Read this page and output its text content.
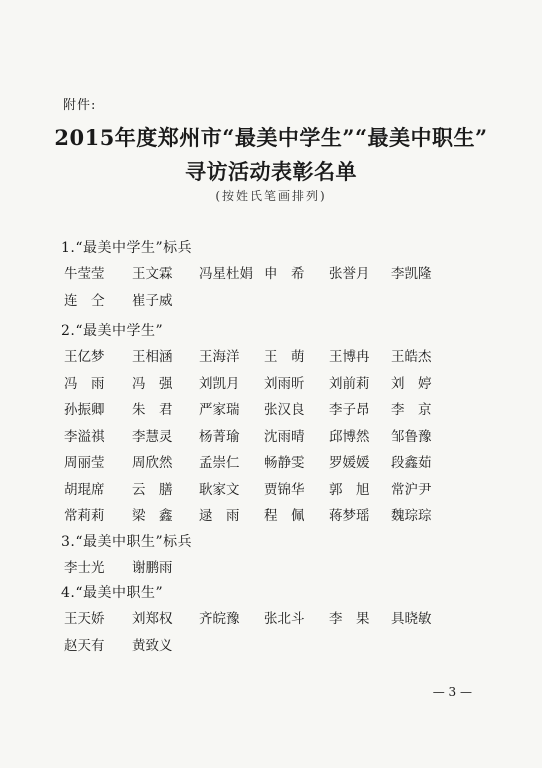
附件:
2015年度郑州市“最美中学生”“最美中职生”
寻访活动表彰名单
(按姓氏笔画排列)
1.“最美中学生”标兵
牛莹莹 王文霖 冯星杜娟 申　希 张誉月 李凯隆
连　仝 崔子威
2.“最美中学生”
王亿梦 王相涵 王海洋 王　萌 王博冉 王皓杰
冯　雨 冯　强 刘凯月 刘雨昕 刘前莉 刘　婷
孙振卿 朱　君 严家瑞 张汉良 李子昂 李　京
李溢祺 李慧灵 杨菁瑜 沈雨晴 邱博然 邹鲁豫
周丽莹 周欣然 孟崇仁 畅静雯 罗媛媛 段鑫茹
胡琨席 云　膳 耿家文 贾锦华 郭　旭 常沪尹
常莉莉 梁　鑫 逯　雨 程　佩 蒋梦瑶 魏琮琮
3.“最美中职生”标兵
李士光 谢鹏雨
4.“最美中职生”
王天娇 刘郑权 齐皖豫 张北斗 李　果 具晓敏
赵天有 黄致义
— 3 —
